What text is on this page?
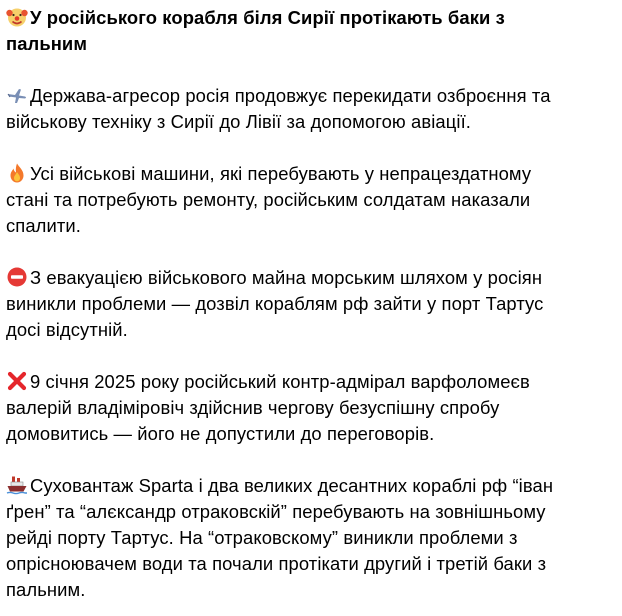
У російського корабля біля Сирії протікають баки з
пальним

Держава-агресор росія продовжує перекидати озброєння та
військову техніку з Сирії до Лівії за допомогою авіації.

Усі військові машини, які перебувають у непрацездатному
стані та потребують ремонту, російським солдатам наказали
спалити.

З евакуацією військового майна морським шляхом у росіян
виникли проблеми — дозвіл кораблям рф зайти у порт Тартус
досі відсутній.

9 січня 2025 року російський контр-адмірал варфоломеєв
валерій владіміровіч здійснив чергову безуспішну спробу
домовитись — його не допустили до переговорів.

Суховантаж Sparta і два великих десантних кораблі рф “іван
ґрен” та “алєксандр отраковскій” перебувають на зовнішньому
рейді порту Тартус. На “отраковскому” виникли проблеми з
опрісноювачем води та почали протікати другий і третій баки з
пальним.
